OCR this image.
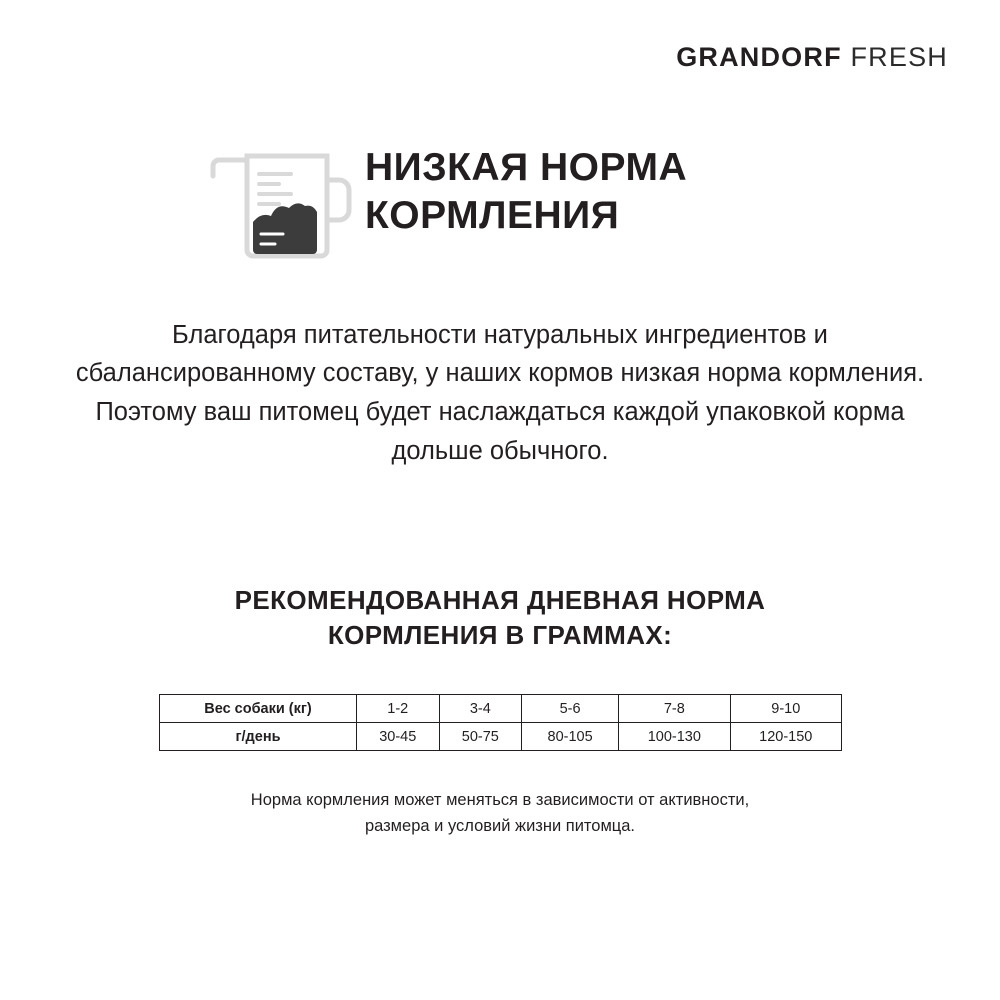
GRANDORF FRESH
НИЗКАЯ НОРМА
КОРМЛЕНИЯ

Благодаря питательности натуральных ингредиентов и сбалансированному составу, у наших кормов низкая норма кормления. Поэтому ваш питомец будет наслаждаться каждой упаковкой корма дольше обычного.

РЕКОМЕНДОВАННАЯ ДНЕВНАЯ НОРМА
КОРМЛЕНИЯ В ГРАММАХ:
Вес собаки (кг)	1-2	3-4	5-6	7-8	9-10
г/день	30-45	50-75	80-105	100-130	120-150
Норма кормления может меняться в зависимости от активности,
размера и условий жизни питомца.
